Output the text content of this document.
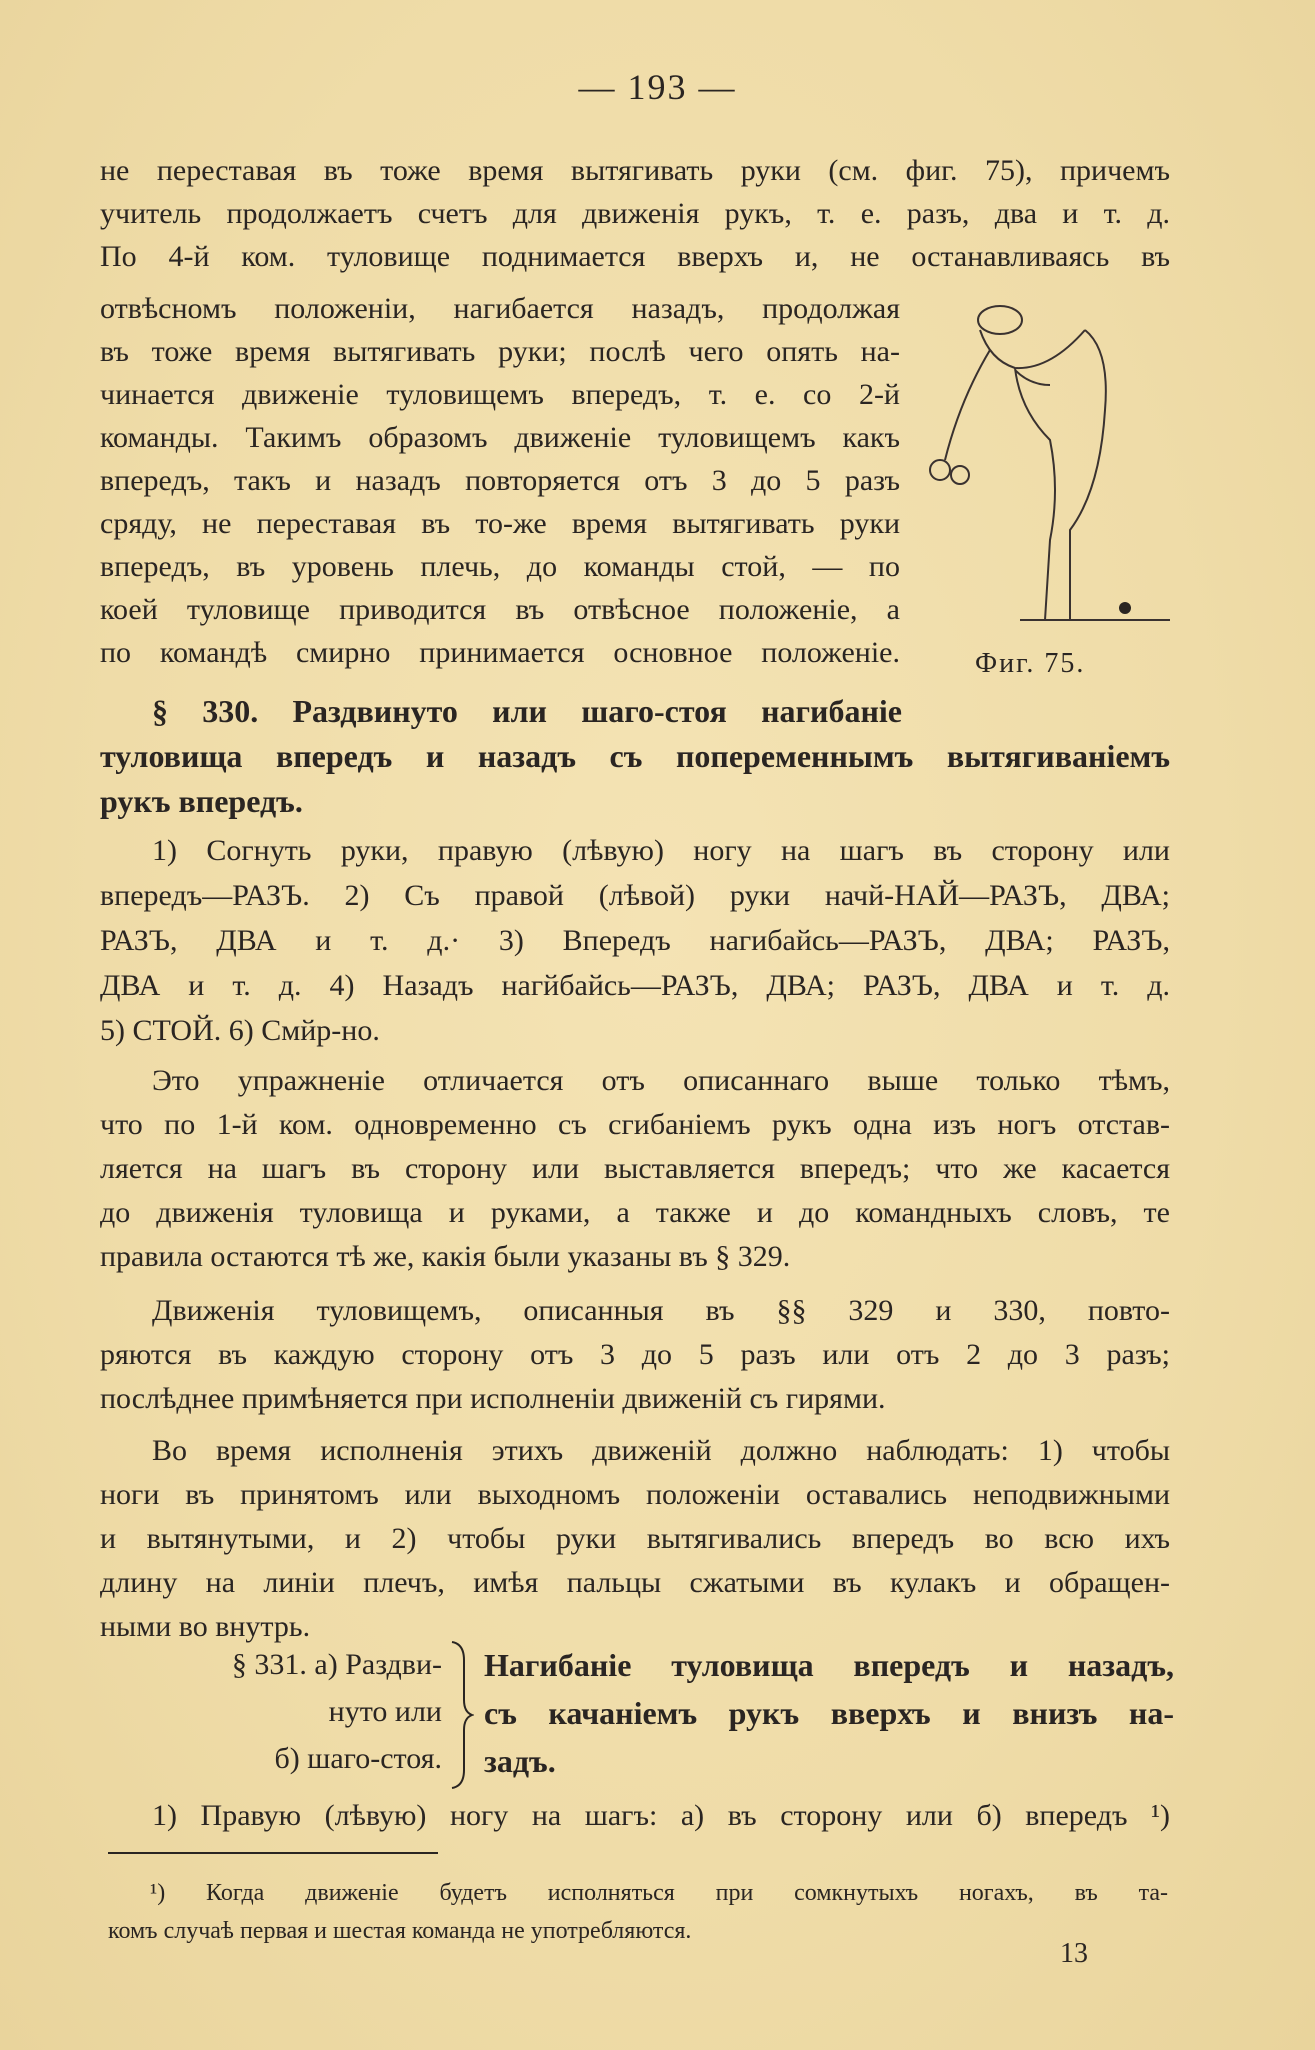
— 193 —

не переставая въ тоже время вытягивать руки (см. фиг. 75), причемъ

учитель продолжаетъ счетъ для движенія рукъ, т. е. разъ, два и т. д.

По 4-й ком. туловище поднимается вверхъ и, не останавливаясь въ

отвѣсномъ положеніи, нагибается назадъ, продолжая

въ тоже время вытягивать руки; послѣ чего опять на-

чинается движеніе туловищемъ впередъ, т. е. со 2-й

команды. Такимъ образомъ движеніе туловищемъ какъ

впередъ, такъ и назадъ повторяется отъ 3 до 5 разъ

сряду, не переставая въ то-же время вытягивать руки

впередъ, въ уровень плечь, до команды стой, — по

коей туловище приводится въ отвѣсное положеніе, а

по командѣ смирно принимается основное положеніе.	Фиг. 75.

§ 330. Раздвинуто или шаго-стоя нагибаніе

туловища впередъ и назадъ съ попеременнымъ вытягиваніемъ

рукъ впередъ.

1) Согнуть руки, правую (лѣвую) ногу на шагъ въ сторону или

впередъ—РАЗЪ. 2) Съ правой (лѣвой) руки начй-НАЙ—РАЗЪ, ДВА;

РАЗЪ, ДВА и т. д.· 3) Впередъ нагибайсь—РАЗЪ, ДВА; РАЗЪ,

ДВА и т. д. 4) Назадъ нагйбайсь—РАЗЪ, ДВА; РАЗЪ, ДВА и т. д.

5) СТОЙ. 6) Смйр-но.

Это упражненіе отличается отъ описаннаго выше только тѣмъ,

что по 1-й ком. одновременно съ сгибаніемъ рукъ одна изъ ногъ отстав-

ляется на шагъ въ сторону или выставляется впередъ; что же касается

до движенія туловища и руками, а также и до командныхъ словъ, те

правила остаются тѣ же, какія были указаны въ § 329.

Движенія туловищемъ, описанныя въ §§ 329 и 330, повто-

ряются въ каждую сторону отъ 3 до 5 разъ или отъ 2 до 3 разъ;

послѣднее примѣняется при исполненіи движеній съ гирями.

Во время исполненія этихъ движеній должно наблюдать: 1) чтобы

ноги въ принятомъ или выходномъ положеніи оставались неподвижными

и вытянутыми, и 2) чтобы руки вытягивались впередъ во всю ихъ

длину на линіи плечъ, имѣя пальцы сжатыми въ кулакъ и обращен-

ными во внутрь.

§ 331. а) Раздви-
нуто или
б) шаго-стоя.
Нагибаніе туловища впередъ и назадъ,
съ качаніемъ рукъ вверхъ и внизъ на-
задъ.

1) Правую (лѣвую) ногу на шагъ: а) въ сторону или б) впередъ ¹)

¹) Когда движеніе будетъ исполняться при сомкнутыхъ ногахъ, въ та-
комъ случаѣ первая и шестая команда не употребляются.
13
